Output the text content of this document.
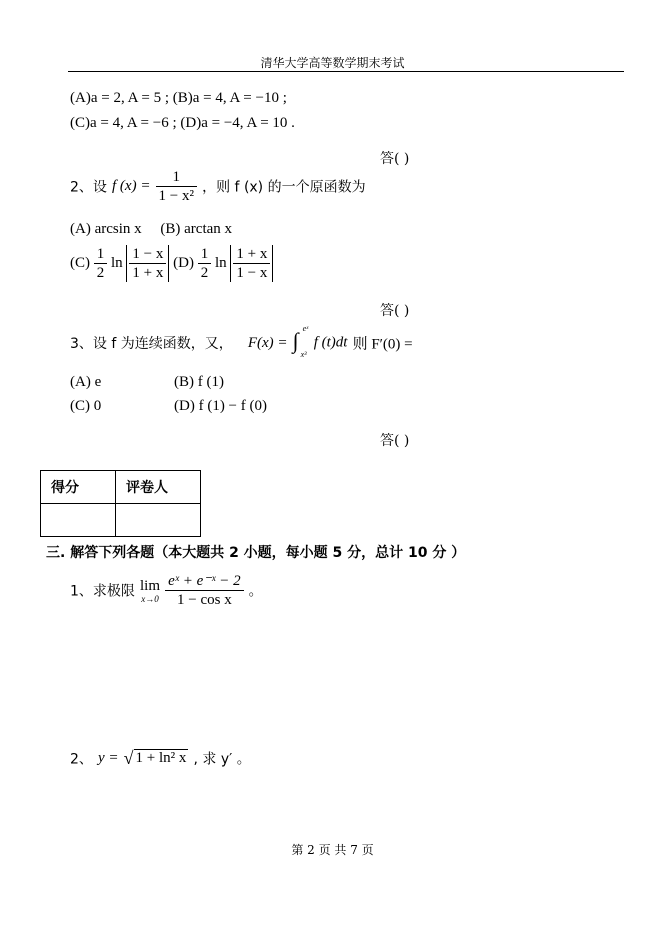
清华大学高等数学期末考试
(A)a = 2, A = 5 ; (B)a = 4, A = −10 ;
(C)a = 4, A = −6 ; (D)a = −4, A = 10 .
答( )
2、设 f $(x) = \frac{1}{\text{1 − x²}}$ ，则 f (x) 的一个原函数为
(A) arcsin x (B) arctan x
$(C) \frac{1}{2}$ $\ln \frac{1 - x}{1 + x} (D) \frac{1}{2}$ $\ln \frac{1 + x}{1 - x}$
答( )
3、设 f 为连续函数，又， F(x) = ∫ eˣ
x³
f (t)dt 则 F′(0) =
(A) e	(B) f (1)
(C) 0	(D) f (1) − f (0)
答( )
得分	评卷人

三. 解答下列各题（本大题共 2 小题，每小题 5 分，总计 10 分 ）
1、求极限 lim
x→0
$\frac{\text{eˣ + e⁻ˣ − 2}}{\text{1 − cos x}}$ 。
2、 y = √ 1 + ln² x , 求 y′ 。
第 2 页 共 7 页
